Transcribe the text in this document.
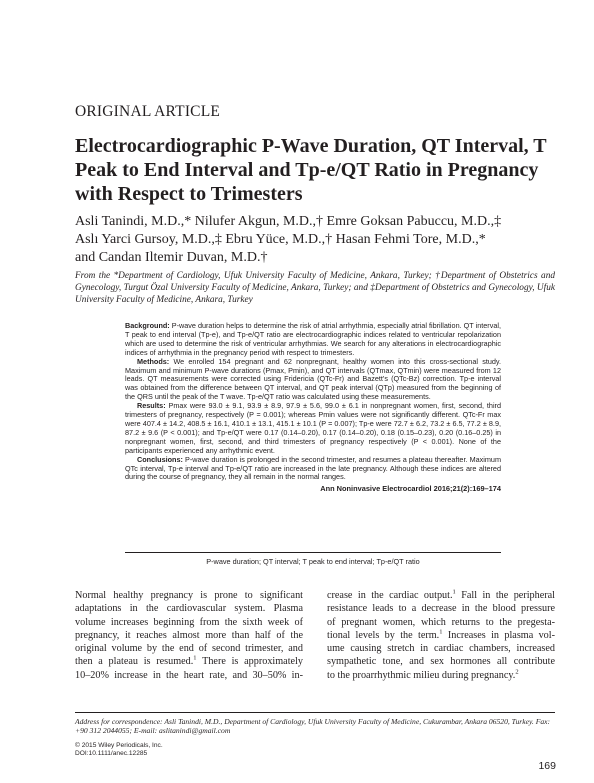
ORIGINAL ARTICLE
Electrocardiographic P-Wave Duration, QT Interval, T
Peak to End Interval and Tp-e/QT Ratio in Pregnancy
with Respect to Trimesters
Asli Tanindi, M.D.,* Nilufer Akgun, M.D.,† Emre Goksan Pabuccu, M.D.,‡
Aslı Yarci Gursoy, M.D.,‡ Ebru Yüce, M.D.,† Hasan Fehmi Tore, M.D.,*
and Candan Iltemir Duvan, M.D.†
From the *Department of Cardiology, Ufuk University Faculty of Medicine, Ankara, Turkey; †Department of Obstetrics and Gynecology, Turgut Özal University Faculty of Medicine, Ankara, Turkey; and ‡Department of Obstetrics and Gynecology, Ufuk University Faculty of Medicine, Ankara, Turkey

Background: P-wave duration helps to determine the risk of atrial arrhythmia, especially atrial fibrillation. QT interval, T peak to end interval (Tp-e), and Tp-e/QT ratio are electrocardiographic indices related to ventricular repolarization which are used to determine the risk of ventricular arrhythmias. We search for any alterations in electrocardiographic indices of arrhythmia in the pregnancy period with respect to trimesters.

Methods: We enrolled 154 pregnant and 62 nonpregnant, healthy women into this cross-sectional study. Maximum and minimum P-wave durations (Pmax, Pmin), and QT intervals (QTmax, QTmin) were measured from 12 leads. QT measurements were corrected using Fridericia (QTc-Fr) and Bazett's (QTc-Bz) correction. Tp-e interval was obtained from the difference between QT interval, and QT peak interval (QTp) measured from the beginning of the QRS until the peak of the T wave. Tp-e/QT ratio was calculated using these measurements.

Results: Pmax were 93.0 ± 9.1, 93.9 ± 8.9, 97.9 ± 5.6, 99.0 ± 6.1 in nonpregnant women, first, second, third trimesters of pregnancy, respectively (P = 0.001); whereas Pmin values were not significantly different. QTc-Fr max were 407.4 ± 14.2, 408.5 ± 16.1, 410.1 ± 13.1, 415.1 ± 10.1 (P = 0.007); Tp-e were 72.7 ± 6.2, 73.2 ± 6.5, 77.2 ± 8.9, 87.2 ± 9.6 (P < 0.001); and Tp-e/QT were 0.17 (0.14–0.20), 0.17 (0.14–0.20), 0.18 (0.15–0.23), 0.20 (0.16–0.25) in nonpregnant women, first, second, and third trimesters of pregnancy respectively (P < 0.001). None of the participants experienced any arrhythmic event.

Conclusions: P-wave duration is prolonged in the second trimester, and resumes a plateau thereafter. Maximum QTc interval, Tp-e interval and Tp-e/QT ratio are increased in the late pregnancy. Although these indices are altered during the course of pregnancy, they all remain in the normal ranges.

Ann Noninvasive Electrocardiol 2016;21(2):169–174
P-wave duration; QT interval; T peak to end interval; Tp-e/QT ratio
Normal healthy pregnancy is prone to significant
adaptations in the cardiovascular system. Plasma
volume increases beginning from the sixth week of
pregnancy, it reaches almost more than half of the
original volume by the end of second trimester, and
then a plateau is resumed.$^1$ There is approximately
10–20% increase in the heart rate, and 30–50% in-
crease in the cardiac output.$^1$ Fall in the peripheral
resistance leads to a decrease in the blood pressure
of pregnant women, which returns to the pregesta-
tional levels by the term.$^1$ Increases in plasma vol-
ume causing stretch in cardiac chambers, increased
sympathetic tone, and sex hormones all contribute
to the proarrhythmic milieu during pregnancy.$^2$
Address for correspondence: Asli Tanindi, M.D., Department of Cardiology, Ufuk University Faculty of Medicine, Cukurambar, Ankara 06520, Turkey. Fax: +90 312 2044055; E-mail: aslitanindi@gmail.com
© 2015 Wiley Periodicals, Inc.
DOI:10.1111/anec.12285
169
